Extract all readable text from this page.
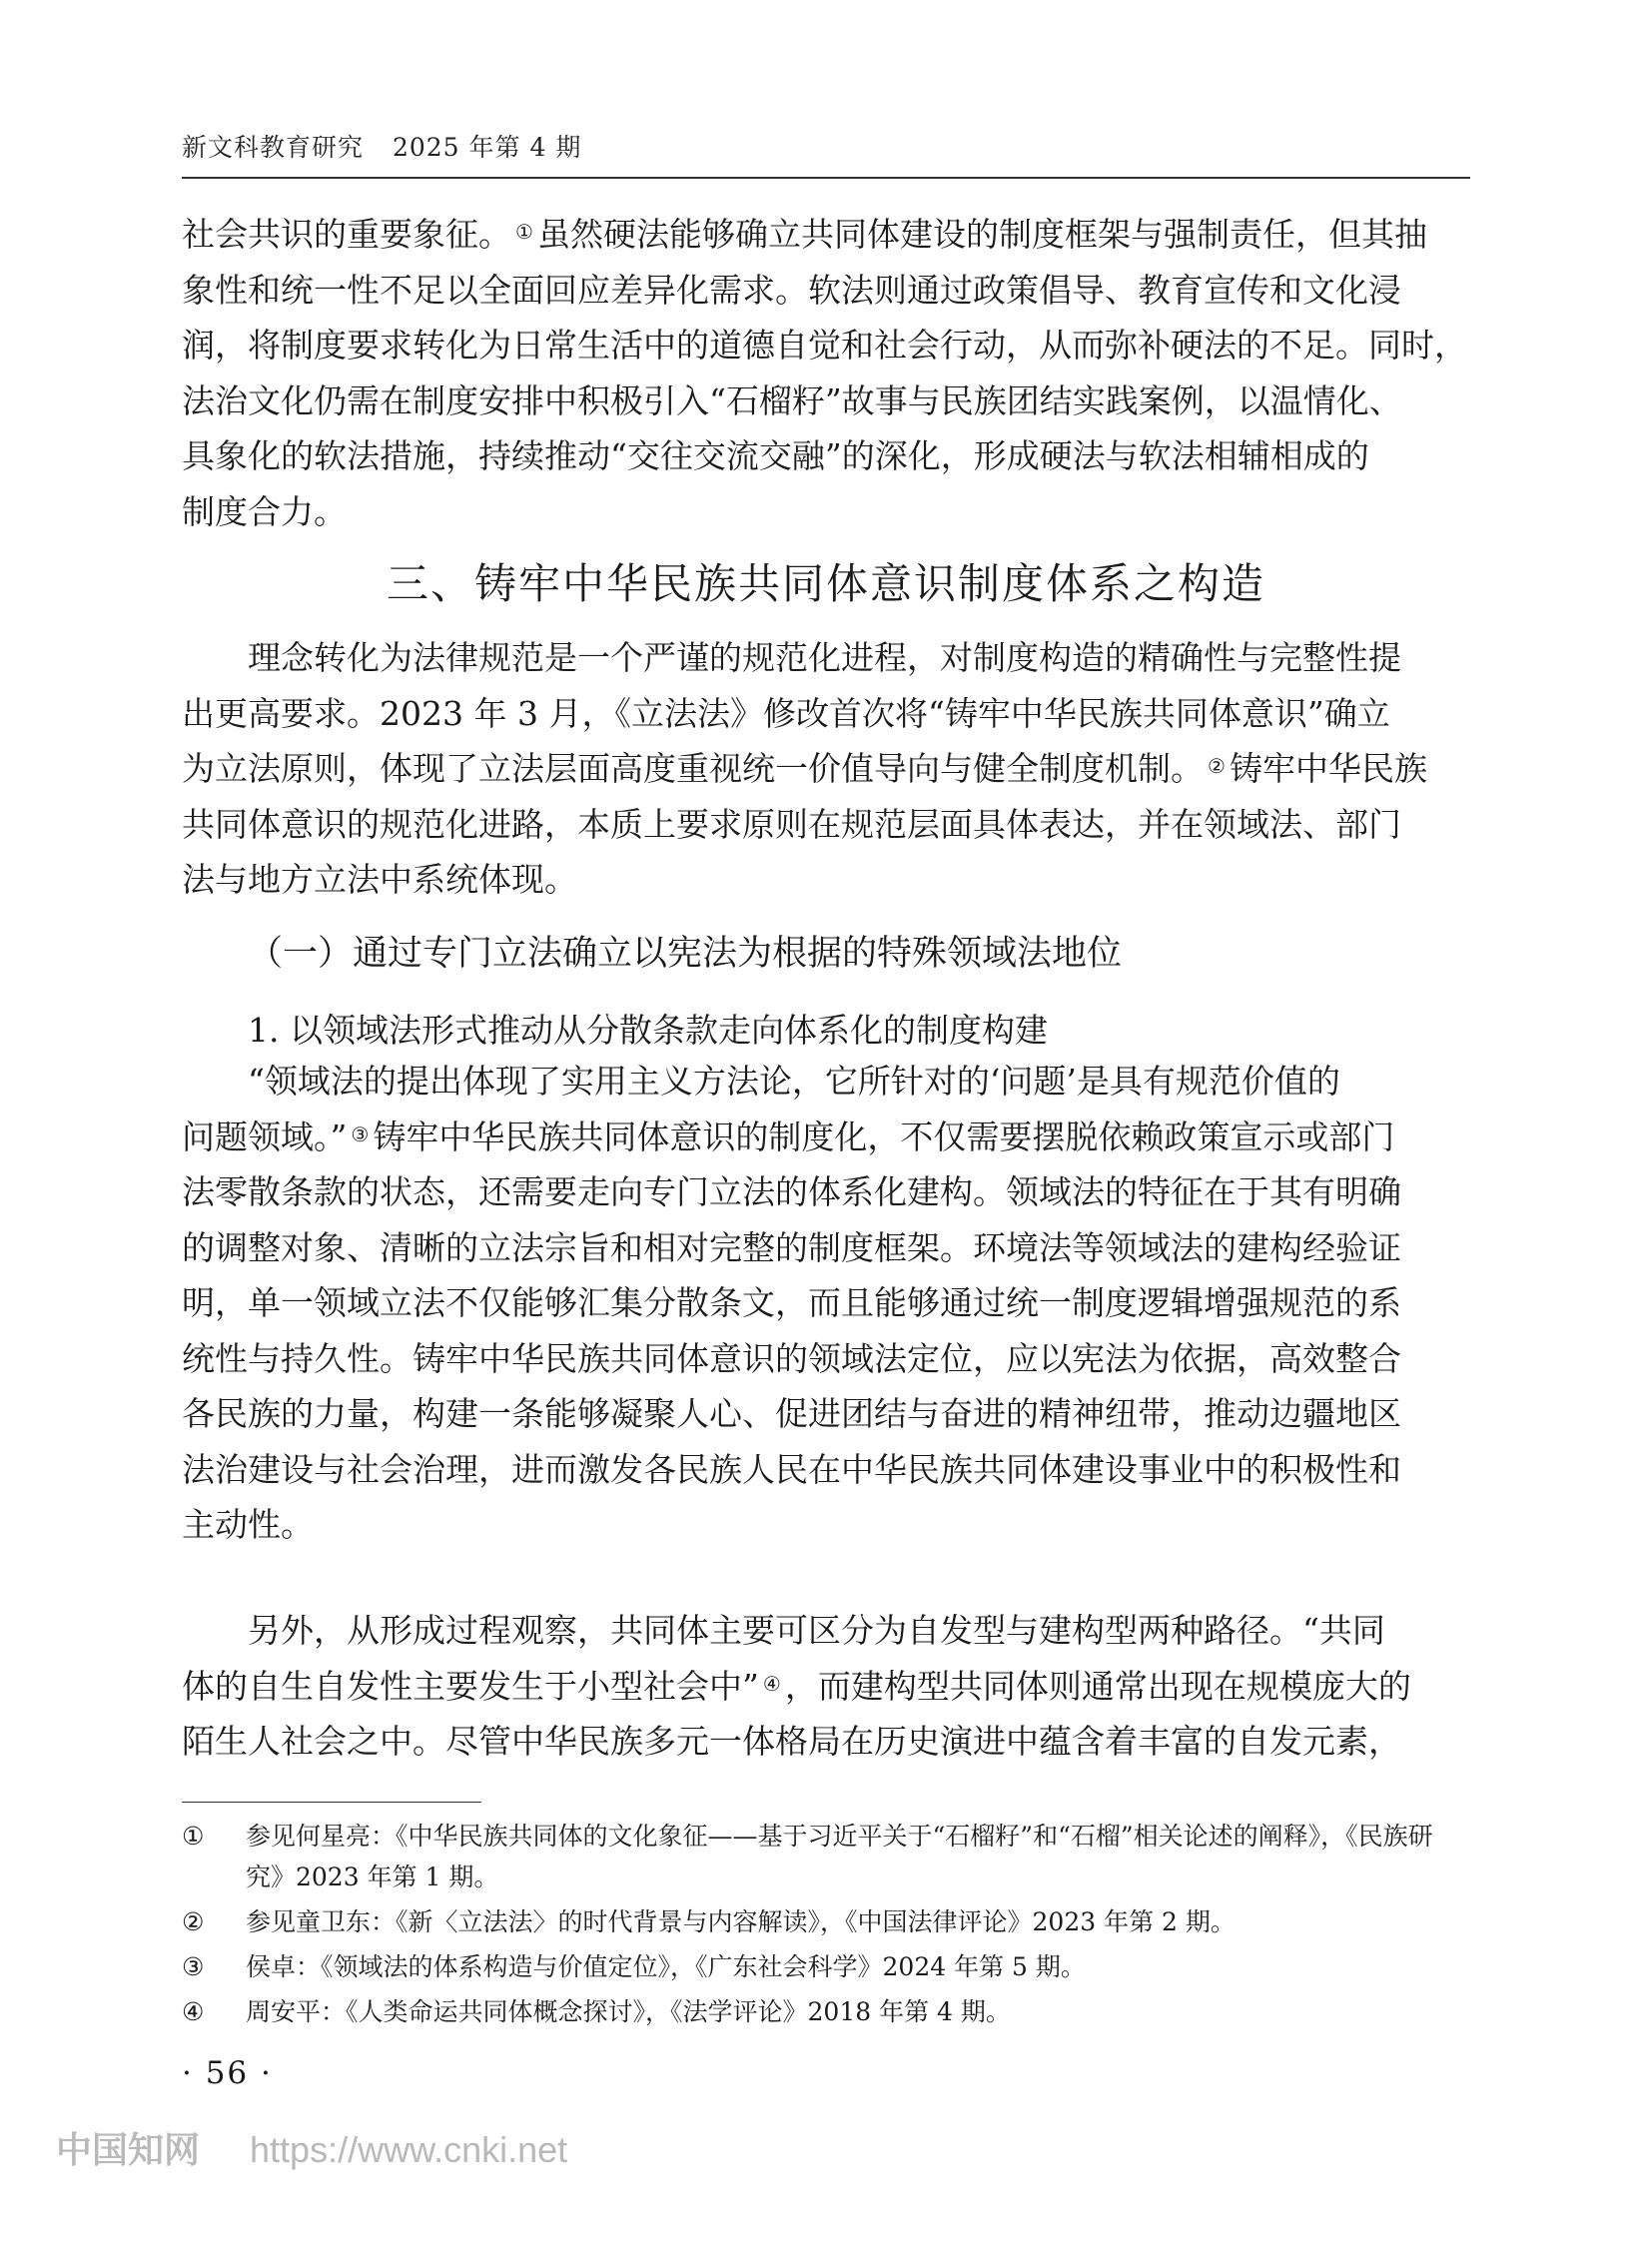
新文科教育研究 2025 年第 4 期
社会共识的重要象征。 ① 虽然硬法能够确立共同体建设的制度框架与强制责任，但其抽
象性和统一性不足以全面回应差异化需求。软法则通过政策倡导、教育宣传和文化浸
润，将制度要求转化为日常生活中的道德自觉和社会行动，从而弥补硬法的不足。同时，
法治文化仍需在制度安排中积极引入“石榴籽”故事与民族团结实践案例，以温情化、
具象化的软法措施，持续推动“交往交流交融”的深化，形成硬法与软法相辅相成的
制度合力。
三、铸牢中华民族共同体意识制度体系之构造
理念转化为法律规范是一个严谨的规范化进程，对制度构造的精确性与完整性提
出更高要求。2023 年 3 月，《立法法》修改首次将“铸牢中华民族共同体意识”确立
为立法原则，体现了立法层面高度重视统一价值导向与健全制度机制。 ② 铸牢中华民族
共同体意识的规范化进路，本质上要求原则在规范层面具体表达，并在领域法、部门
法与地方立法中系统体现。
（一）通过专门立法确立以宪法为根据的特殊领域法地位
1. 以领域法形式推动从分散条款走向体系化的制度构建
“领域法的提出体现了实用主义方法论，它所针对的‘问题’是具有规范价值的
问题领域。” ③ 铸牢中华民族共同体意识的制度化，不仅需要摆脱依赖政策宣示或部门
法零散条款的状态，还需要走向专门立法的体系化建构。领域法的特征在于其有明确
的调整对象、清晰的立法宗旨和相对完整的制度框架。环境法等领域法的建构经验证
明，单一领域立法不仅能够汇集分散条文，而且能够通过统一制度逻辑增强规范的系
统性与持久性。铸牢中华民族共同体意识的领域法定位，应以宪法为依据，高效整合
各民族的力量，构建一条能够凝聚人心、促进团结与奋进的精神纽带，推动边疆地区
法治建设与社会治理，进而激发各民族人民在中华民族共同体建设事业中的积极性和
主动性。
另外，从形成过程观察，共同体主要可区分为自发型与建构型两种路径。“共同
体的自生自发性主要发生于小型社会中” ④ ，而建构型共同体则通常出现在规模庞大的
陌生人社会之中。尽管中华民族多元一体格局在历史演进中蕴含着丰富的自发元素，
① 参见何星亮：《中华民族共同体的文化象征——基于习近平关于“石榴籽”和“石榴”相关论述的阐释》，《民族研究》2023 年第 1 期。
② 参见童卫东：《新〈立法法〉的时代背景与内容解读》，《中国法律评论》2023 年第 2 期。
③ 侯卓：《领域法的体系构造与价值定位》，《广东社会科学》2024 年第 5 期。
④ 周安平：《人类命运共同体概念探讨》，《法学评论》2018 年第 4 期。
· 56 ·
中国知网 https://www.cnki.net
